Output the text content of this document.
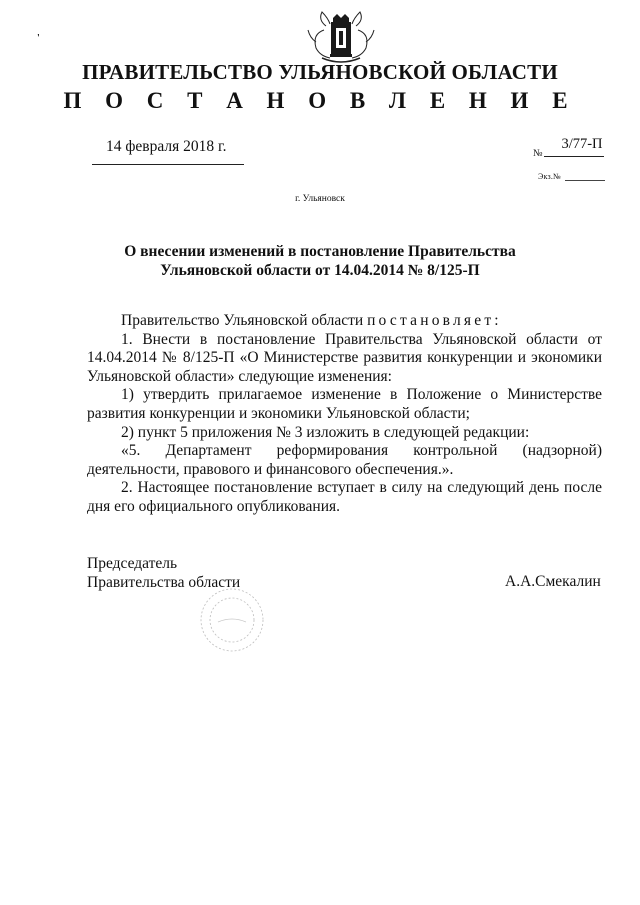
'
ПРАВИТЕЛЬСТВО УЛЬЯНОВСКОЙ ОБЛАСТИ
П О С Т А Н О В Л Е Н И Е
14 февраля 2018 г.	№
3/77-П
Экз.№
г. Ульяновск
О внесении изменений в постановление Правительства
Ульяновской области от 14.04.2014 № 8/125-П

Правительство Ульяновской области постановляет:

1. Внести в постановление Правительства Ульяновской области от 14.04.2014 № 8/125-П «О Министерстве развития конкуренции и экономики Ульяновской области» следующие изменения:

1) утвердить прилагаемое изменение в Положение о Министерстве развития конкуренции и экономики Ульяновской области;

2) пункт 5 приложения № 3 изложить в следующей редакции:

«5. Департамент реформирования контрольной (надзорной) деятельности, правового и финансового обеспечения.».

2. Настоящее постановление вступает в силу на следующий день после дня его официального опубликования.

Председатель
Правительства области	А.А.Смекалин
